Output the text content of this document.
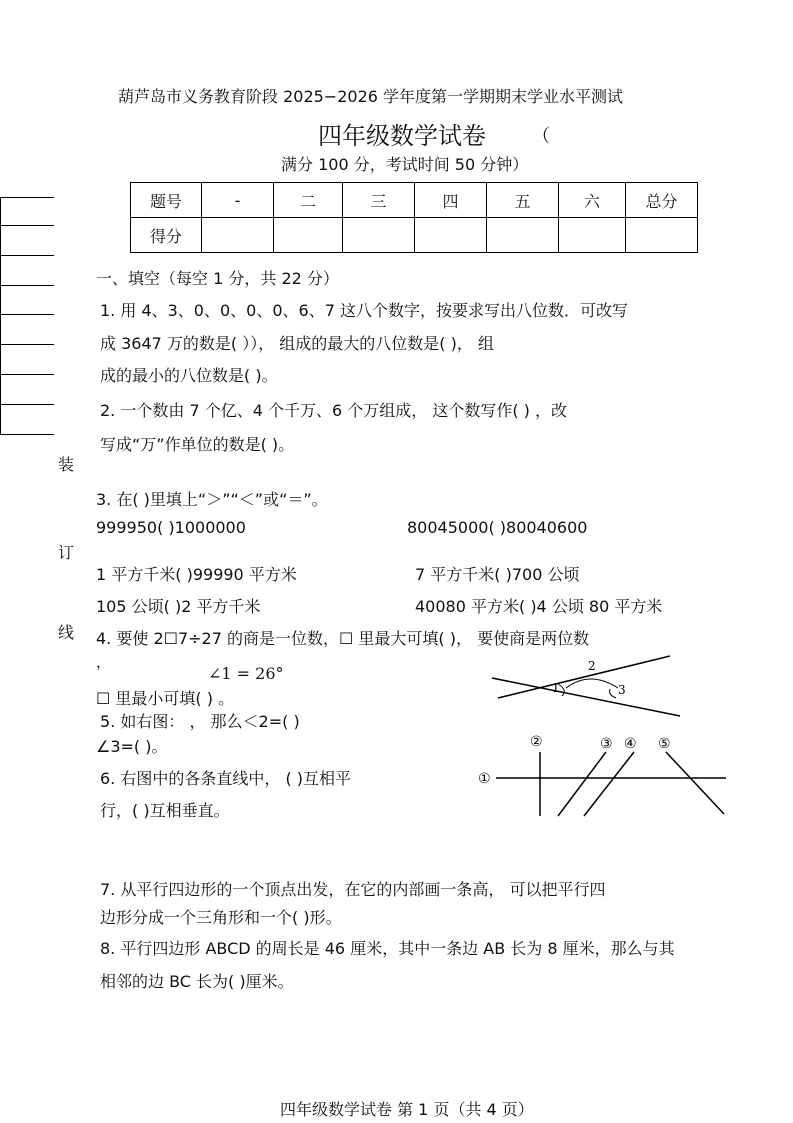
葫芦岛市义务教育阶段 2025−2026 学年度第一学期期末学业水平测试
四年级数学试卷	（
满分 100 分，考试时间 50 分钟）
装
订
线
题号	-	二	三	四	五	六	总分
得分							
一、填空（每空 1 分，共 22 分）
1. 用 4、3、0、0、0、0、6、7 这八个数字，按要求写出八位数．可改写
成 3647 万的数是( ））， 组成的最大的八位数是( )， 组
成的最小的八位数是( )。
2. 一个数由 7 个亿、4 个千万、6 个万组成， 这个数写作( ) ，改
写成“万”作单位的数是( )。
3. 在( )里填上“＞”“＜”或“＝”。
999950( )1000000	80045000( )80040600
1 平方千米( )99990 平方米	7 平方千米( )700 公顷
105 公顷( )2 平方千米	40080 平方米( )4 公顷 80 平方米
4. 要使 2☐7÷27 的商是一位数，☐ 里最大可填( )， 要使商是两位数
，
∠1 = 26°
☐ 里最小可填( ) 。
5. 如右图： ， 那么＜2=( )
∠3=( )。
6. 右图中的各条直线中， ( )互相平
行，( )互相垂直。
7. 从平行四边形的一个顶点出发，在它的内部画一条高， 可以把平行四
边形分成一个三角形和一个( )形。
8. 平行四边形 ABCD 的周长是 46 厘米，其中一条边 AB 长为 8 厘米，那么与其
相邻的边 BC 长为( )厘米。
1
2
3
①
②	③ ④ ⑤
四年级数学试卷 第 1 页（共 4 页）
